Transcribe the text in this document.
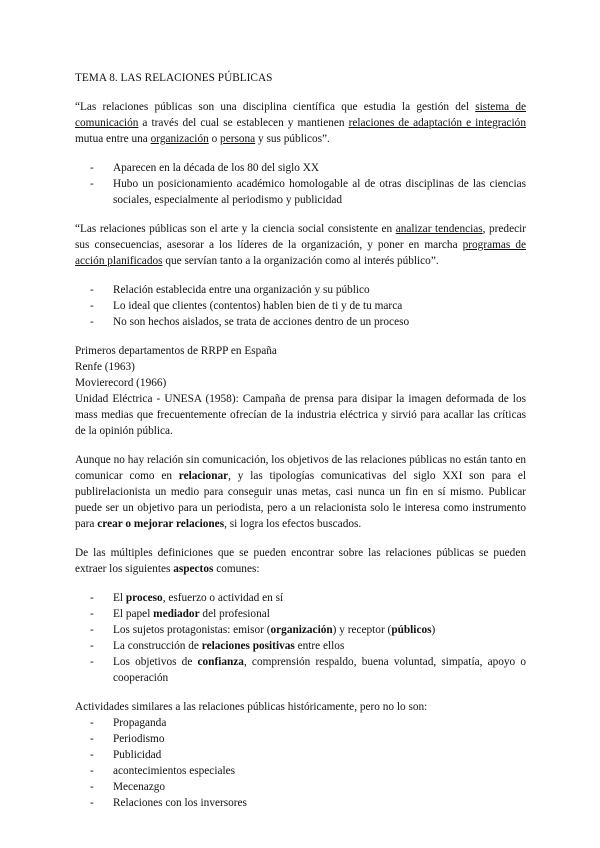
TEMA 8. LAS RELACIONES PÚBLICAS

“Las relaciones públicas son una disciplina científica que estudia la gestión del sistema de comunicación a través del cual se establecen y mantienen relaciones de adaptación e integración mutua entre una organización o persona y sus públicos”.

- Aparecen en la década de los 80 del siglo XX
- Hubo un posicionamiento académico homologable al de otras disciplinas de las ciencias sociales, especialmente al periodismo y publicidad

“Las relaciones públicas son el arte y la ciencia social consistente en analizar tendencias, predecir sus consecuencias, asesorar a los líderes de la organización, y poner en marcha programas de acción planificados que servían tanto a la organización como al interés público”.

- Relación establecida entre una organización y su público
- Lo ideal que clientes (contentos) hablen bien de ti y de tu marca
- No son hechos aislados, se trata de acciones dentro de un proceso

Primeros departamentos de RRPP en España

Renfe (1963)

Movierecord (1966)

Unidad Eléctrica - UNESA (1958): Campaña de prensa para disipar la imagen deformada de los mass medias que frecuentemente ofrecían de la industria eléctrica y sirvió para acallar las críticas de la opinión pública.

Aunque no hay relación sin comunicación, los objetivos de las relaciones públicas no están tanto en comunicar como en relacionar, y las tipologías comunicativas del siglo XXI son para el publirelacionista un medio para conseguir unas metas, casi nunca un fin en sí mismo. Publicar puede ser un objetivo para un periodista, pero a un relacionista solo le interesa como instrumento para crear o mejorar relaciones, si logra los efectos buscados.

De las múltiples definiciones que se pueden encontrar sobre las relaciones públicas se pueden extraer los siguientes aspectos comunes:

- El proceso, esfuerzo o actividad en sí
- El papel mediador del profesional
- Los sujetos protagonistas: emisor (organización) y receptor (públicos)
- La construcción de relaciones positivas entre ellos
- Los objetivos de confianza, comprensión respaldo, buena voluntad, simpatía, apoyo o cooperación

Actividades similares a las relaciones públicas históricamente, pero no lo son:

- Propaganda
- Periodismo
- Publicidad
- acontecimientos especiales
- Mecenazgo
- Relaciones con los inversores
